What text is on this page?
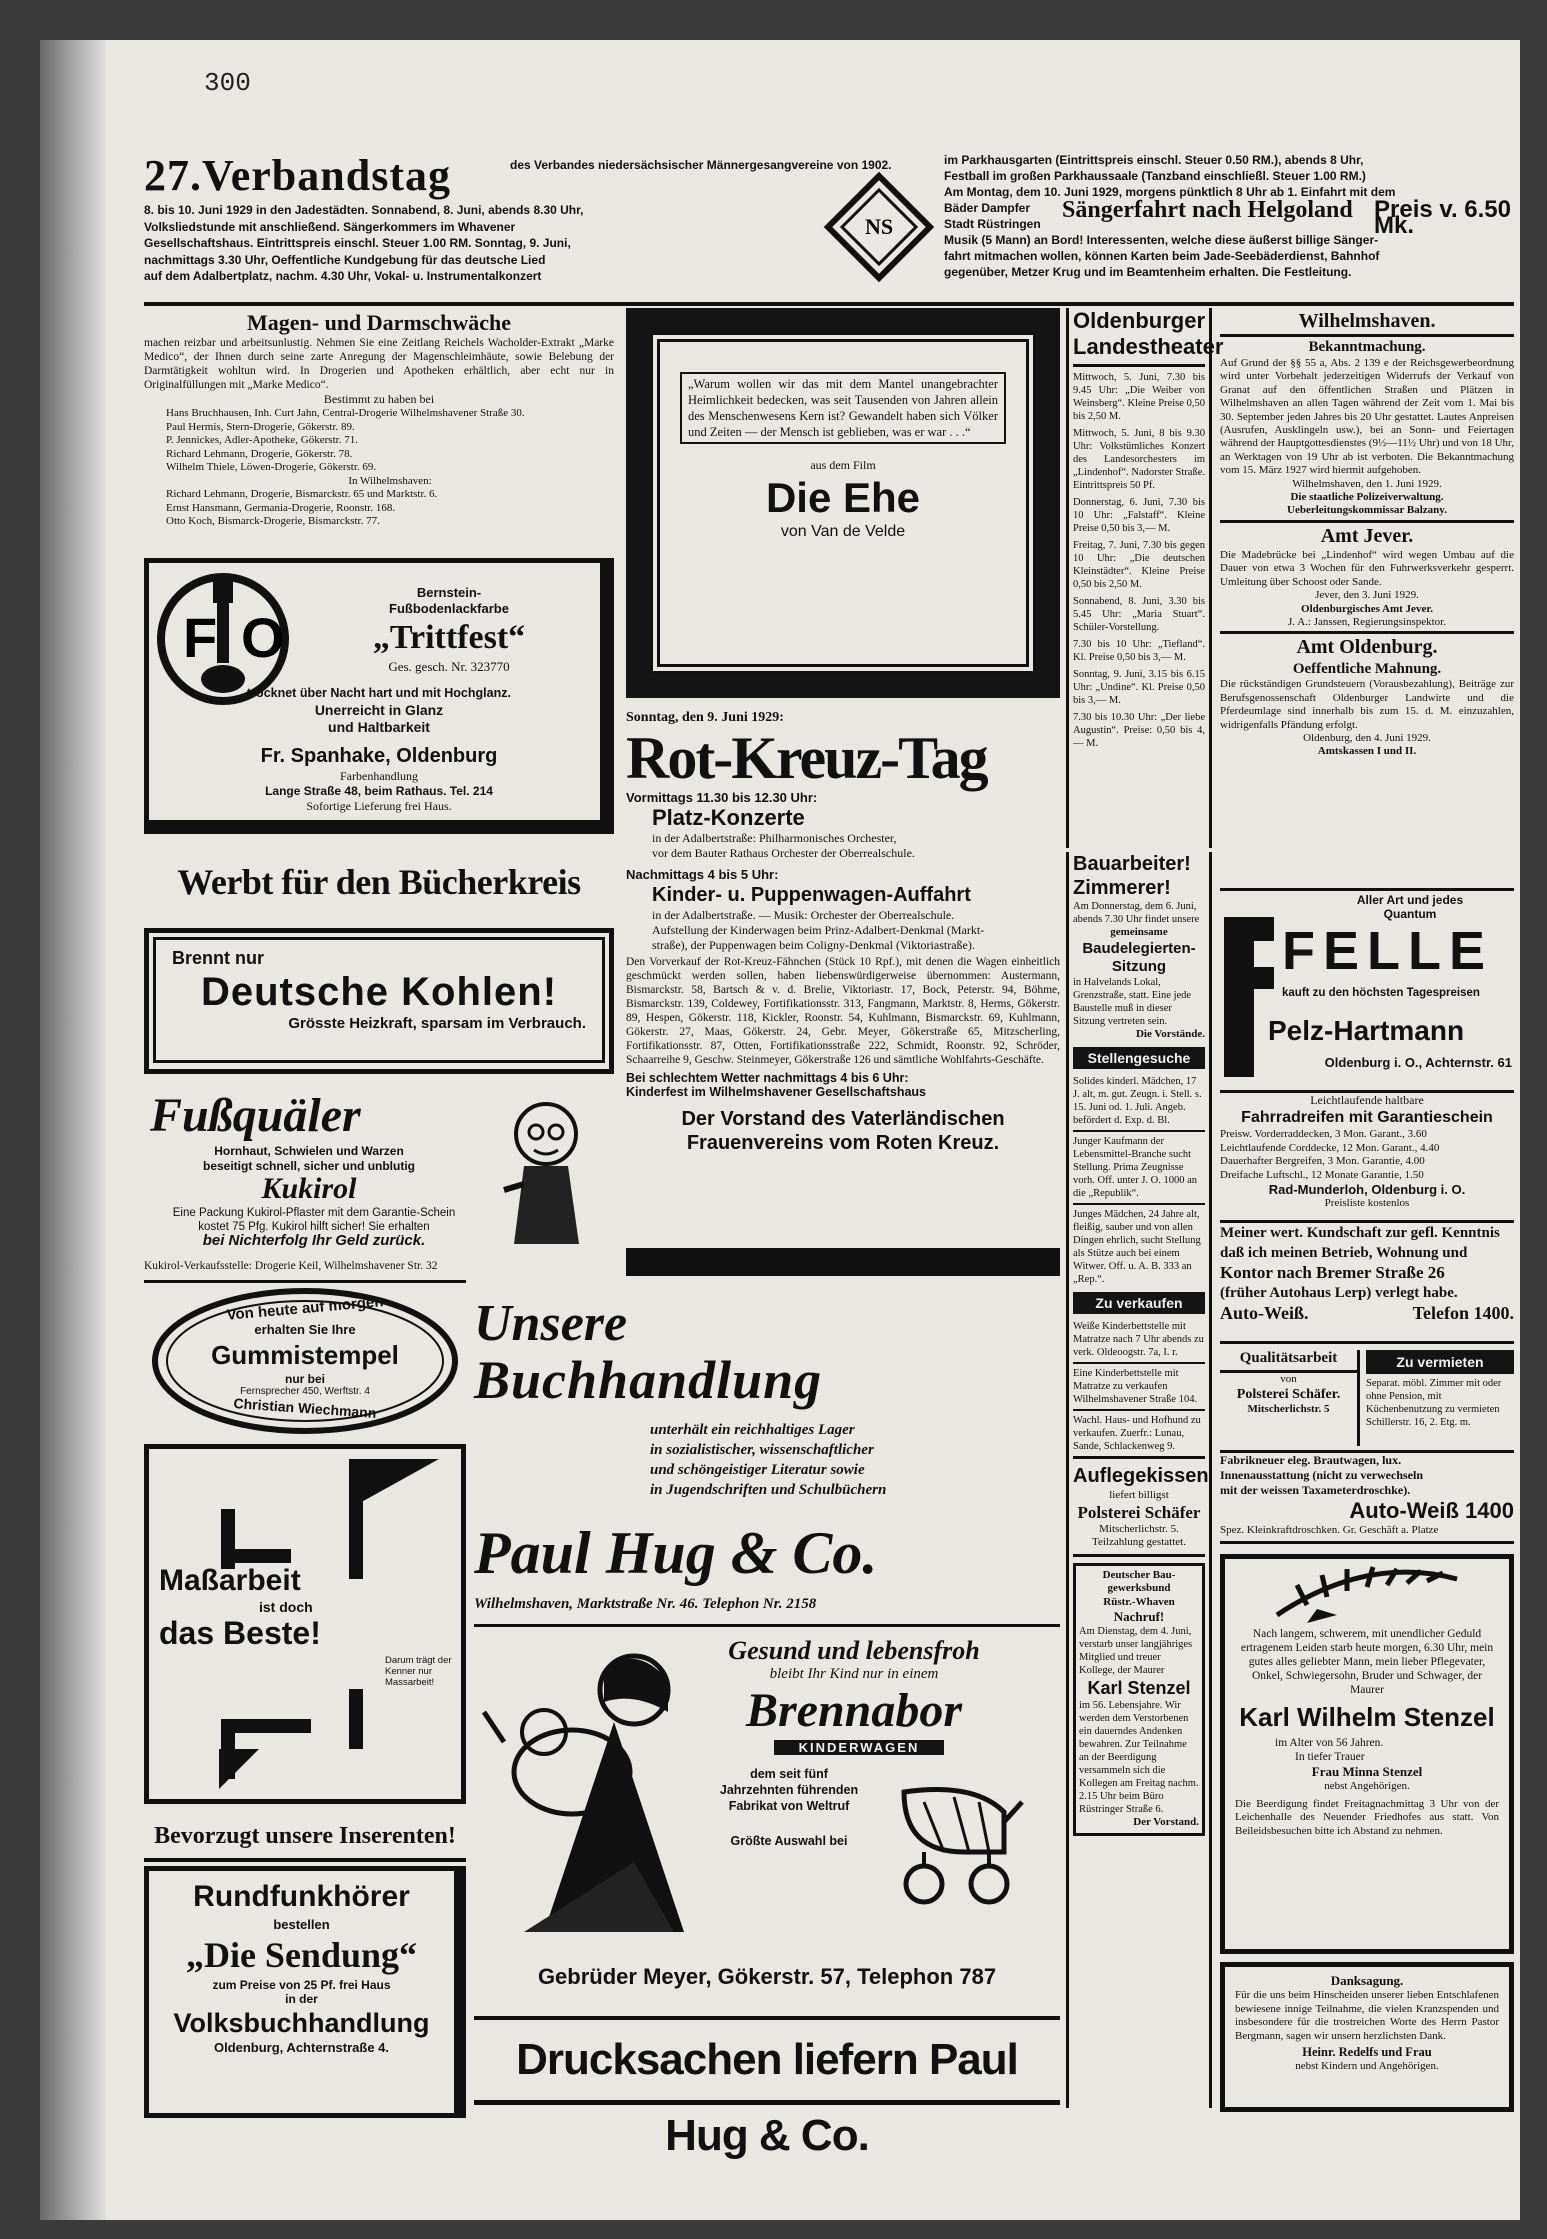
300
27.Verbandstag	des Verbandes niedersächsischer Männergesangvereine von 1902.
8. bis 10. Juni 1929 in den Jadestädten. Sonnabend, 8. Juni, abends 8.30 Uhr,
Volksliedstunde mit anschließend. Sängerkommers im Whavener
Gesellschaftshaus. Eintrittspreis einschl. Steuer 1.00 RM. Sonntag, 9. Juni,
nachmittags 3.30 Uhr, Oeffentliche Kundgebung für das deutsche Lied
auf dem Adalbertplatz, nachm. 4.30 Uhr, Vokal- u. Instrumentalkonzert
NS
im Parkhausgarten (Eintrittspreis einschl. Steuer 0.50 RM.), abends 8 Uhr,
Festball im großen Parkhaussaale (Tanzband einschließl. Steuer 1.00 RM.)
Am Montag, dem 10. Juni 1929, morgens pünktlich 8 Uhr ab 1. Einfahrt mit dem
Bäder Dampfer
Stadt Rüstringen
Sängerfahrt nach Helgoland Preis v. 6.50 Mk.
Musik (5 Mann) an Bord! Interessenten, welche diese äußerst billige Sänger-
fahrt mitmachen wollen, können Karten beim Jade-Seebäderdienst, Bahnhof
gegenüber, Metzer Krug und im Beamtenheim erhalten. Die Festleitung.
Magen- und Darmschwäche
machen reizbar und arbeitsunlustig. Nehmen Sie eine Zeitlang Reichels Wacholder-Extrakt „Marke Medico“, der Ihnen durch seine zarte Anregung der Magenschleimhäute, sowie Belebung der Darmtätigkeit wohltun wird. In Drogerien und Apotheken erhältlich, aber echt nur in Originalfüllungen mit „Marke Medico“.
Bestimmt zu haben bei
Hans Bruchhausen, Inh. Curt Jahn, Central-Drogerie Wilhelmshavener Straße 30.
Paul Hermis, Stern-Drogerie, Gökerstr. 89.
P. Jennickes, Adler-Apotheke, Gökerstr. 71.
Richard Lehmann, Drogerie, Gökerstr. 78.
Wilhelm Thiele, Löwen-Drogerie, Gökerstr. 69.
In Wilhelmshaven:
Richard Lehmann, Drogerie, Bismarckstr. 65 und Marktstr. 6.
Ernst Hansmann, Germania-Drogerie, Roonstr. 168.
Otto Koch, Bismarck-Drogerie, Bismarckstr. 77.
F O
Bernstein-
Fußbodenlackfarbe
„Trittfest“
Ges. gesch. Nr. 323770
trocknet über Nacht hart und mit Hochglanz.
Unerreicht in Glanz
und Haltbarkeit
Fr. Spanhake, Oldenburg
Farbenhandlung
Lange Straße 48, beim Rathaus. Tel. 214
Sofortige Lieferung frei Haus.
Werbt für den Bücherkreis
Brennt nur
Deutsche Kohlen!
Grösste Heizkraft, sparsam im Verbrauch.
Fußquäler
Hornhaut, Schwielen und Warzen
beseitigt schnell, sicher und unblutig
Kukirol
Eine Packung Kukirol-Pflaster mit dem Garantie-Schein
kostet 75 Pfg. Kukirol hilft sicher! Sie erhalten
bei Nichterfolg Ihr Geld zurück.
Kukirol-Verkaufsstelle: Drogerie Keil, Wilhelmshavener Str. 32
Von heute auf morgen
erhalten Sie Ihre
Gummistempel
nur bei
Fernsprecher 450, Werftstr. 4
Christian Wiechmann
Maßarbeit
ist doch
das Beste!
Darum trägt der Kenner nur Massarbeit!
Bevorzugt unsere Inserenten!
Rundfunkhörer
bestellen
„Die Sendung“
zum Preise von 25 Pf. frei Haus
in der
Volksbuchhandlung
Oldenburg, Achternstraße 4.
„Warum wollen wir das mit dem Mantel unangebrachter Heimlichkeit bedecken, was seit Tausenden von Jahren allein des Menschenwesens Kern ist? Gewandelt haben sich Völker und Zeiten — der Mensch ist geblieben, was er war . . .“
aus dem Film
Die Ehe
von Van de Velde
Sonntag, den 9. Juni 1929:
Rot-Kreuz-Tag
Vormittags 11.30 bis 12.30 Uhr:
Platz-Konzerte
in der Adalbertstraße: Philharmonisches Orchester,
vor dem Bauter Rathaus Orchester der Oberrealschule.
Nachmittags 4 bis 5 Uhr:
Kinder- u. Puppenwagen-Auffahrt
in der Adalbertstraße. — Musik: Orchester der Oberrealschule.
Aufstellung der Kinderwagen beim Prinz-Adalbert-Denkmal (Markt-
straße), der Puppenwagen beim Coligny-Denkmal (Viktoriastraße).
Den Vorverkauf der Rot-Kreuz-Fähnchen (Stück 10 Rpf.), mit denen die Wagen einheitlich geschmückt werden sollen, haben liebenswürdigerweise übernommen: Austermann, Bismarckstr. 58, Bartsch & v. d. Brelie, Viktoriastr. 17, Bock, Peterstr. 94, Böhme, Bismarckstr. 139, Coldewey, Fortifikationsstr. 313, Fangmann, Marktstr. 8, Herms, Gökerstr. 89, Hespen, Gökerstr. 118, Kickler, Roonstr. 54, Kuhlmann, Bismarckstr. 69, Kuhlmann, Gökerstr. 27, Maas, Gökerstr. 24, Gebr. Meyer, Gökerstraße 65, Mitzscherling, Fortifikationsstr. 87, Otten, Fortifikationsstraße 222, Schmidt, Roonstr. 92, Schröder, Schaarreihe 9, Geschw. Steinmeyer, Gökerstraße 126 und sämtliche Wohlfahrts-Geschäfte.
Bei schlechtem Wetter nachmittags 4 bis 6 Uhr:
Kinderfest im Wilhelmshavener Gesellschaftshaus
Der Vorstand des Vaterländischen
Frauenvereins vom Roten Kreuz.
Unsere
Buchhandlung
unterhält ein reichhaltiges Lager
in sozialistischer, wissenschaftlicher
und schöngeistiger Literatur sowie
in Jugendschriften und Schulbüchern
Paul Hug & Co.
Wilhelmshaven, Marktstraße Nr. 46. Telephon Nr. 2158
Gesund und lebensfroh
bleibt Ihr Kind nur in einem
Brennabor
KINDERWAGEN
dem seit fünf Jahrzehnten führenden Fabrikat von Weltruf
Größte Auswahl bei
Gebrüder Meyer, Gökerstr. 57, Telephon 787
Drucksachen liefern Paul Hug & Co.
Oldenburger
Landestheater

Mittwoch, 5. Juni, 7.30 bis 9.45 Uhr: „Die Weiber von Weinsberg“. Kleine Preise 0,50 bis 2,50 M.

Mittwoch, 5. Juni, 8 bis 9.30 Uhr: Volkstümliches Konzert des Landesorchesters im „Lindenhof“. Nadorster Straße. Eintrittspreis 50 Pf.

Donnerstag, 6. Juni, 7.30 bis 10 Uhr: „Falstaff“. Kleine Preise 0,50 bis 3,— M.

Freitag, 7. Juni, 7.30 bis gegen 10 Uhr: „Die deutschen Kleinstädter“. Kleine Preise 0,50 bis 2,50 M.

Sonnabend, 8. Juni, 3.30 bis 5.45 Uhr: „Maria Stuart“. Schüler-Vorstellung.

7.30 bis 10 Uhr: „Tiefland“. Kl. Preise 0,50 bis 3,— M.

Sonntag, 9. Juni, 3.15 bis 6.15 Uhr: „Undine“. Kl. Preise 0,50 bis 3,— M.

7.30 bis 10.30 Uhr: „Der liebe Augustin“. Preise: 0,50 bis 4,— M.

Bauarbeiter!
Zimmerer!
Am Donnerstag, dem 6. Juni, abends 7.30 Uhr findet unsere
gemeinsame
Baudelegierten-
Sitzung
in Halvelands Lokal, Grenzstraße, statt. Eine jede Baustelle muß in dieser Sitzung vertreten sein.
Die Vorstände.
Stellengesuche
Solides kinderl. Mädchen, 17 J. alt, m. gut. Zeugn. i. Stell. s. 15. Juni od. 1. Juli. Angeb. befördert d. Exp. d. Bl.
Junger Kaufmann der Lebensmittel-Branche sucht Stellung. Prima Zeugnisse vorh. Off. unter J. O. 1000 an die „Republik“.
Junges Mädchen, 24 Jahre alt, fleißig, sauber und von allen Dingen ehrlich, sucht Stellung als Stütze auch bei einem Witwer. Off. u. A. B. 333 an „Rep.“.
Zu verkaufen
Weiße Kinderbettstelle mit Matratze nach 7 Uhr abends zu verk. Oldeoogstr. 7a, I. r.
Eine Kinderbettstelle mit Matratze zu verkaufen Wilhelmshavener Straße 104.
Wachl. Haus- und Hofhund zu verkaufen. Zuerfr.: Lunau, Sande, Schlackenweg 9.
Auflegekissen
liefert billigst
Polsterei Schäfer
Mitscherlichstr. 5. Teilzahlung gestattet.
Deutscher Bau-
gewerksbund
Rüstr.-Whaven
Nachruf!
Am Dienstag, dem 4. Juni, verstarb unser langjähriges Mitglied und treuer Kollege, der Maurer
Karl Stenzel
im 56. Lebensjahre. Wir werden dem Verstorbenen ein dauerndes Andenken bewahren. Zur Teilnahme an der Beerdigung versammeln sich die Kollegen am Freitag nachm. 2.15 Uhr beim Büro Rüstringer Straße 6.
Der Vorstand.
Wilhelmshaven.
Bekanntmachung.
Auf Grund der §§ 55 a, Abs. 2 139 e der Reichsgewerbeordnung wird unter Vorbehalt jederzeitigen Widerrufs der Verkauf von Granat auf den öffentlichen Straßen und Plätzen in Wilhelmshaven an allen Tagen während der Zeit vom 1. Mai bis 30. September jeden Jahres bis 20 Uhr gestattet. Lautes Anpreisen (Ausrufen, Ausklingeln usw.), bei an Sonn- und Feiertagen während der Hauptgottesdienstes (9½—11½ Uhr) und von 18 Uhr, an Werktagen von 19 Uhr ab ist verboten. Die Bekanntmachung vom 15. März 1927 wird hiermit aufgehoben.
Wilhelmshaven, den 1. Juni 1929.
Die staatliche Polizeiverwaltung.
Ueberleitungskommissar Balzany.
Amt Jever.
Die Madebrücke bei „Lindenhof“ wird wegen Umbau auf die Dauer von etwa 3 Wochen für den Fuhrwerksverkehr gesperrt. Umleitung über Schoost oder Sande.
Jever, den 3. Juni 1929.
Oldenburgisches Amt Jever.
J. A.: Janssen, Regierungsinspektor.
Amt Oldenburg.
Oeffentliche Mahnung.
Die rückständigen Grundsteuern (Vorausbezahlung), Beiträge zur Berufsgenossenschaft Oldenburger Landwirte und die Pferdeumlage sind innerhalb bis zum 15. d. M. einzuzahlen, widrigenfalls Pfändung erfolgt.
Oldenburg, den 4. Juni 1929.
Amtskassen I und II.
Aller Art und jedes
Quantum
FELLE
kauft zu den höchsten Tagespreisen
Pelz-Hartmann
Oldenburg i. O., Achternstr. 61
Leichtlaufende haltbare
Fahrradreifen mit Garantieschein
Preisw. Vorderraddecken, 3 Mon. Garant., 3.60
Leichtlaufende Corddecke, 12 Mon. Garant., 4.40
Dauerhafter Bergreifen, 3 Mon. Garantie, 4.00
Dreifache Luftschl., 12 Monate Garantie, 1.50
Rad-Munderloh, Oldenburg i. O.
Preisliste kostenlos
Meiner wert. Kundschaft zur gefl. Kenntnis
daß ich meinen Betrieb, Wohnung und
Kontor nach Bremer Straße 26
(früher Autohaus Lerp) verlegt habe.
Auto-Weiß.	Telefon 1400.
Qualitätsarbeit
von
Polsterei Schäfer.
Mitscherlichstr. 5
Zu vermieten
Separat. möbl. Zimmer mit oder ohne Pension, mit Küchenbenutzung zu vermieten Schillerstr. 16, 2. Etg. m.
Fabrikneuer eleg. Brautwagen, lux.
Innenausstattung (nicht zu verwechseln
mit der weissen Taxameterdroschke).
Auto-Weiß 1400
Spez. Kleinkraftdroschken. Gr. Geschäft a. Platze
Nach langem, schwerem, mit unendlicher Geduld ertragenem Leiden starb heute morgen, 6.30 Uhr, mein gutes alles geliebter Mann, mein lieber Pflegevater, Onkel, Schwiegersohn, Bruder und Schwager, der Maurer
Karl Wilhelm Stenzel
im Alter von 56 Jahren.
In tiefer Trauer
Frau Minna Stenzel
nebst Angehörigen.
Die Beerdigung findet Freitagnachmittag 3 Uhr von der Leichenhalle des Neuender Friedhofes aus statt. Von Beileidsbesuchen bitte ich Abstand zu nehmen.
Danksagung.
Für die uns beim Hinscheiden unserer lieben Entschlafenen bewiesene innige Teilnahme, die vielen Kranzspenden und insbesondere für die trostreichen Worte des Herrn Pastor Bergmann, sagen wir unsern herzlichsten Dank.
Heinr. Redelfs und Frau
nebst Kindern und Angehörigen.
